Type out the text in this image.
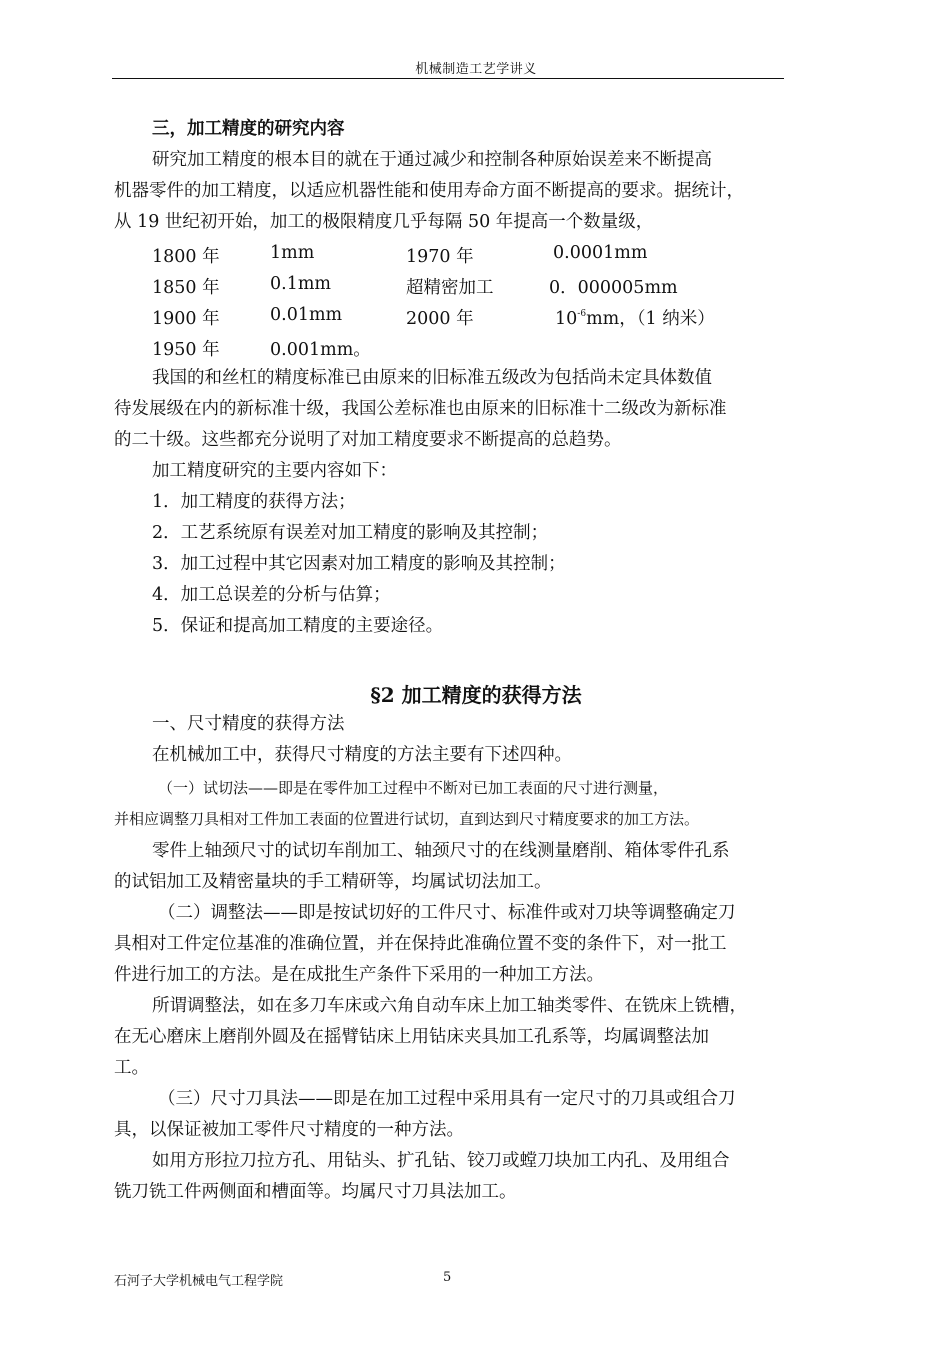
机械制造工艺学讲义
三，加工精度的研究内容
研究加工精度的根本目的就在于通过减少和控制各种原始误差来不断提高
机器零件的加工精度，以适应机器性能和使用寿命方面不断提高的要求。据统计，
从 19 世纪初开始，加工的极限精度几乎每隔 50 年提高一个数量级，
1800 年	1mm	1970 年	0.0001mm
1850 年	0.1mm	超精密加工	0．000005mm
1900 年	0.01mm	2000 年	$10^{-6}mm$，（1 纳米）
1950 年	0.001mm。
我国的和丝杠的精度标准已由原来的旧标准五级改为包括尚未定具体数值
待发展级在内的新标准十级，我国公差标准也由原来的旧标准十二级改为新标准
的二十级。这些都充分说明了对加工精度要求不断提高的总趋势。
加工精度研究的主要内容如下：
1．加工精度的获得方法；
2．工艺系统原有误差对加工精度的影响及其控制；
3．加工过程中其它因素对加工精度的影响及其控制；
4．加工总误差的分析与估算；
5．保证和提高加工精度的主要途径。
§2 加工精度的获得方法
一、尺寸精度的获得方法
在机械加工中，获得尺寸精度的方法主要有下述四种。
（一）试切法——即是在零件加工过程中不断对已加工表面的尺寸进行测量，
并相应调整刀具相对工件加工表面的位置进行试切，直到达到尺寸精度要求的加工方法。
零件上轴颈尺寸的试切车削加工、轴颈尺寸的在线测量磨削、箱体零件孔系
的试铝加工及精密量块的手工精研等，均属试切法加工。
（二）调整法——即是按试切好的工件尺寸、标准件或对刀块等调整确定刀
具相对工件定位基准的准确位置，并在保持此准确位置不变的条件下，对一批工
件进行加工的方法。是在成批生产条件下采用的一种加工方法。
所谓调整法，如在多刀车床或六角自动车床上加工轴类零件、在铣床上铣槽，
在无心磨床上磨削外圆及在摇臂钻床上用钻床夹具加工孔系等，均属调整法加
工。
（三）尺寸刀具法——即是在加工过程中采用具有一定尺寸的刀具或组合刀
具，以保证被加工零件尺寸精度的一种方法。
如用方形拉刀拉方孔、用钻头、扩孔钻、铰刀或螳刀块加工内孔、及用组合
铣刀铣工件两侧面和槽面等。均属尺寸刀具法加工。
石河子大学机械电气工程学院	5
